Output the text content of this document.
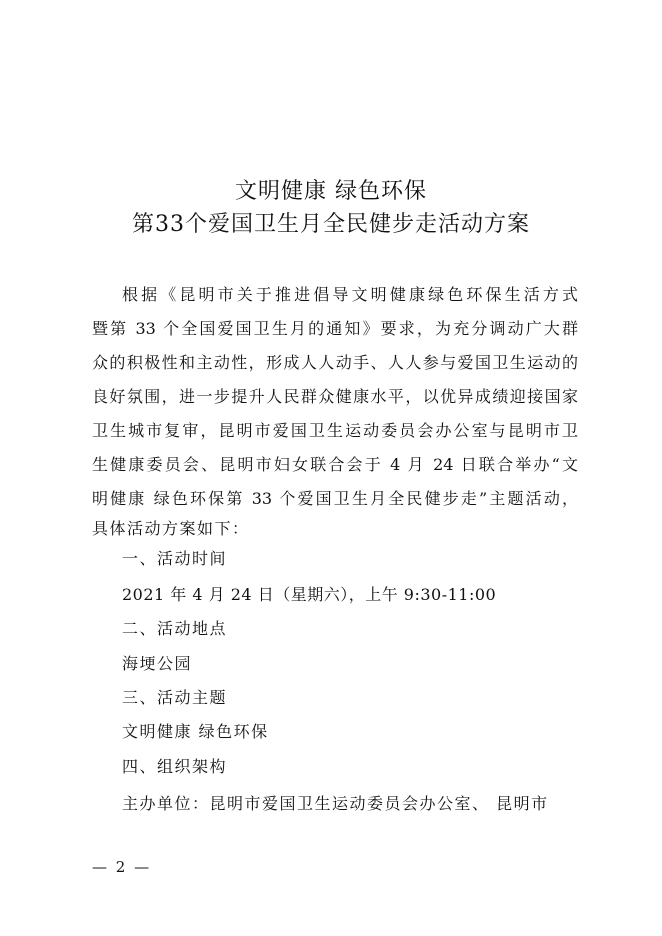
文明健康 绿色环保
第33个爱国卫生月全民健步走活动方案
根据《昆明市关于推进倡导文明健康绿色环保生活方式
暨第 33 个全国爱国卫生月的通知》要求，为充分调动广大群
众的积极性和主动性，形成人人动手、人人参与爱国卫生运动的
良好氛围，进一步提升人民群众健康水平，以优异成绩迎接国家
卫生城市复审，昆明市爱国卫生运动委员会办公室与昆明市卫
生健康委员会、昆明市妇女联合会于 4 月 24 日联合举办“文
明健康 绿色环保第 33 个爱国卫生月全民健步走”主题活动，
具体活动方案如下：
一、活动时间
2021 年 4 月 24 日（星期六），上午 9:30-11:00
二、活动地点
海埂公园
三、活动主题
文明健康 绿色环保
四、组织架构
主办单位：昆明市爱国卫生运动委员会办公室、 昆明市
— 2 —
